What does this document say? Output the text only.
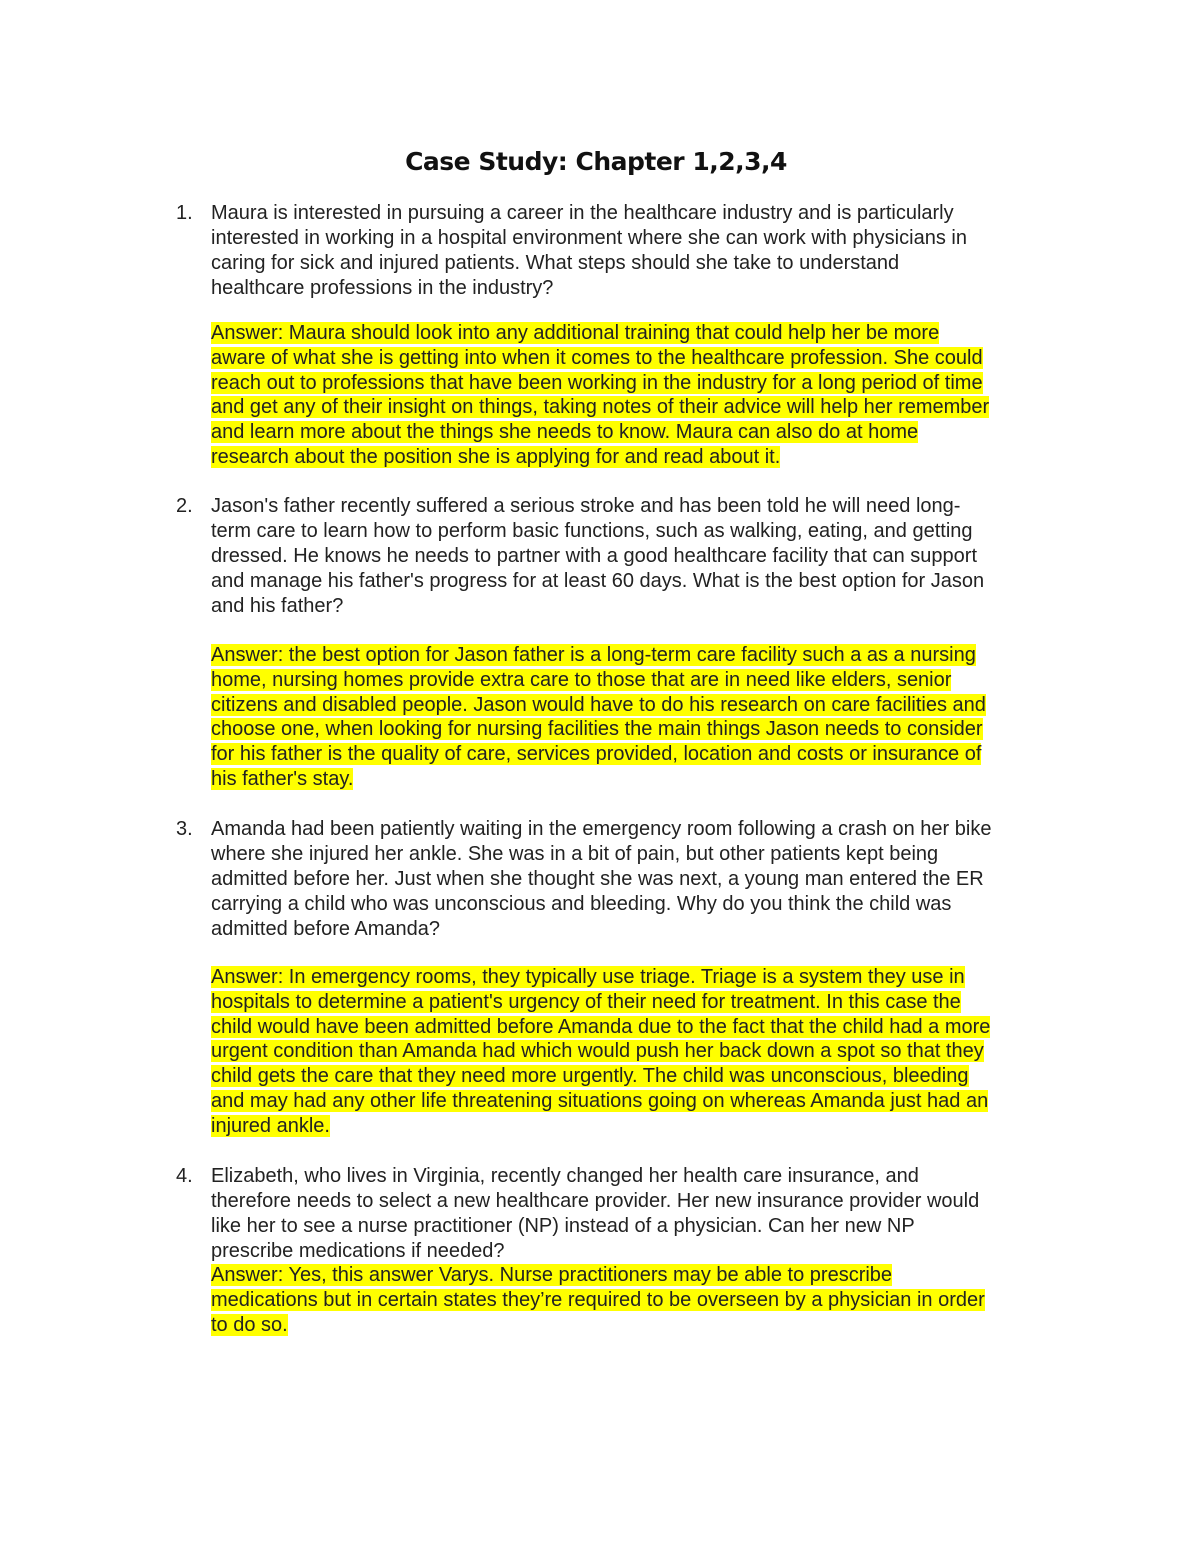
Case Study: Chapter 1,2,3,4
1. Maura is interested in pursuing a career in the healthcare industry and is particularly
interested in working in a hospital environment where she can work with physicians in
caring for sick and injured patients. What steps should she take to understand
healthcare professions in the industry?

Answer: Maura should look into any additional training that could help her be more
aware of what she is getting into when it comes to the healthcare profession. She could
reach out to professions that have been working in the industry for a long period of time
and get any of their insight on things, taking notes of their advice will help her remember
and learn more about the things she needs to know. Maura can also do at home
research about the position she is applying for and read about it.

2. Jason's father recently suffered a serious stroke and has been told he will need long-
term care to learn how to perform basic functions, such as walking, eating, and getting
dressed. He knows he needs to partner with a good healthcare facility that can support
and manage his father's progress for at least 60 days. What is the best option for Jason
and his father?

Answer: the best option for Jason father is a long-term care facility such a as a nursing
home, nursing homes provide extra care to those that are in need like elders, senior
citizens and disabled people. Jason would have to do his research on care facilities and
choose one, when looking for nursing facilities the main things Jason needs to consider
for his father is the quality of care, services provided, location and costs or insurance of
his father's stay.

3. Amanda had been patiently waiting in the emergency room following a crash on her bike
where she injured her ankle. She was in a bit of pain, but other patients kept being
admitted before her. Just when she thought she was next, a young man entered the ER
carrying a child who was unconscious and bleeding. Why do you think the child was
admitted before Amanda?

Answer: In emergency rooms, they typically use triage. Triage is a system they use in
hospitals to determine a patient's urgency of their need for treatment. In this case the
child would have been admitted before Amanda due to the fact that the child had a more
urgent condition than Amanda had which would push her back down a spot so that they
child gets the care that they need more urgently. The child was unconscious, bleeding
and may had any other life threatening situations going on whereas Amanda just had an
injured ankle.

4. Elizabeth, who lives in Virginia, recently changed her health care insurance, and
therefore needs to select a new healthcare provider. Her new insurance provider would
like her to see a nurse practitioner (NP) instead of a physician. Can her new NP
prescribe medications if needed?

Answer: Yes, this answer Varys. Nurse practitioners may be able to prescribe
medications but in certain states they’re required to be overseen by a physician in order
to do so.
